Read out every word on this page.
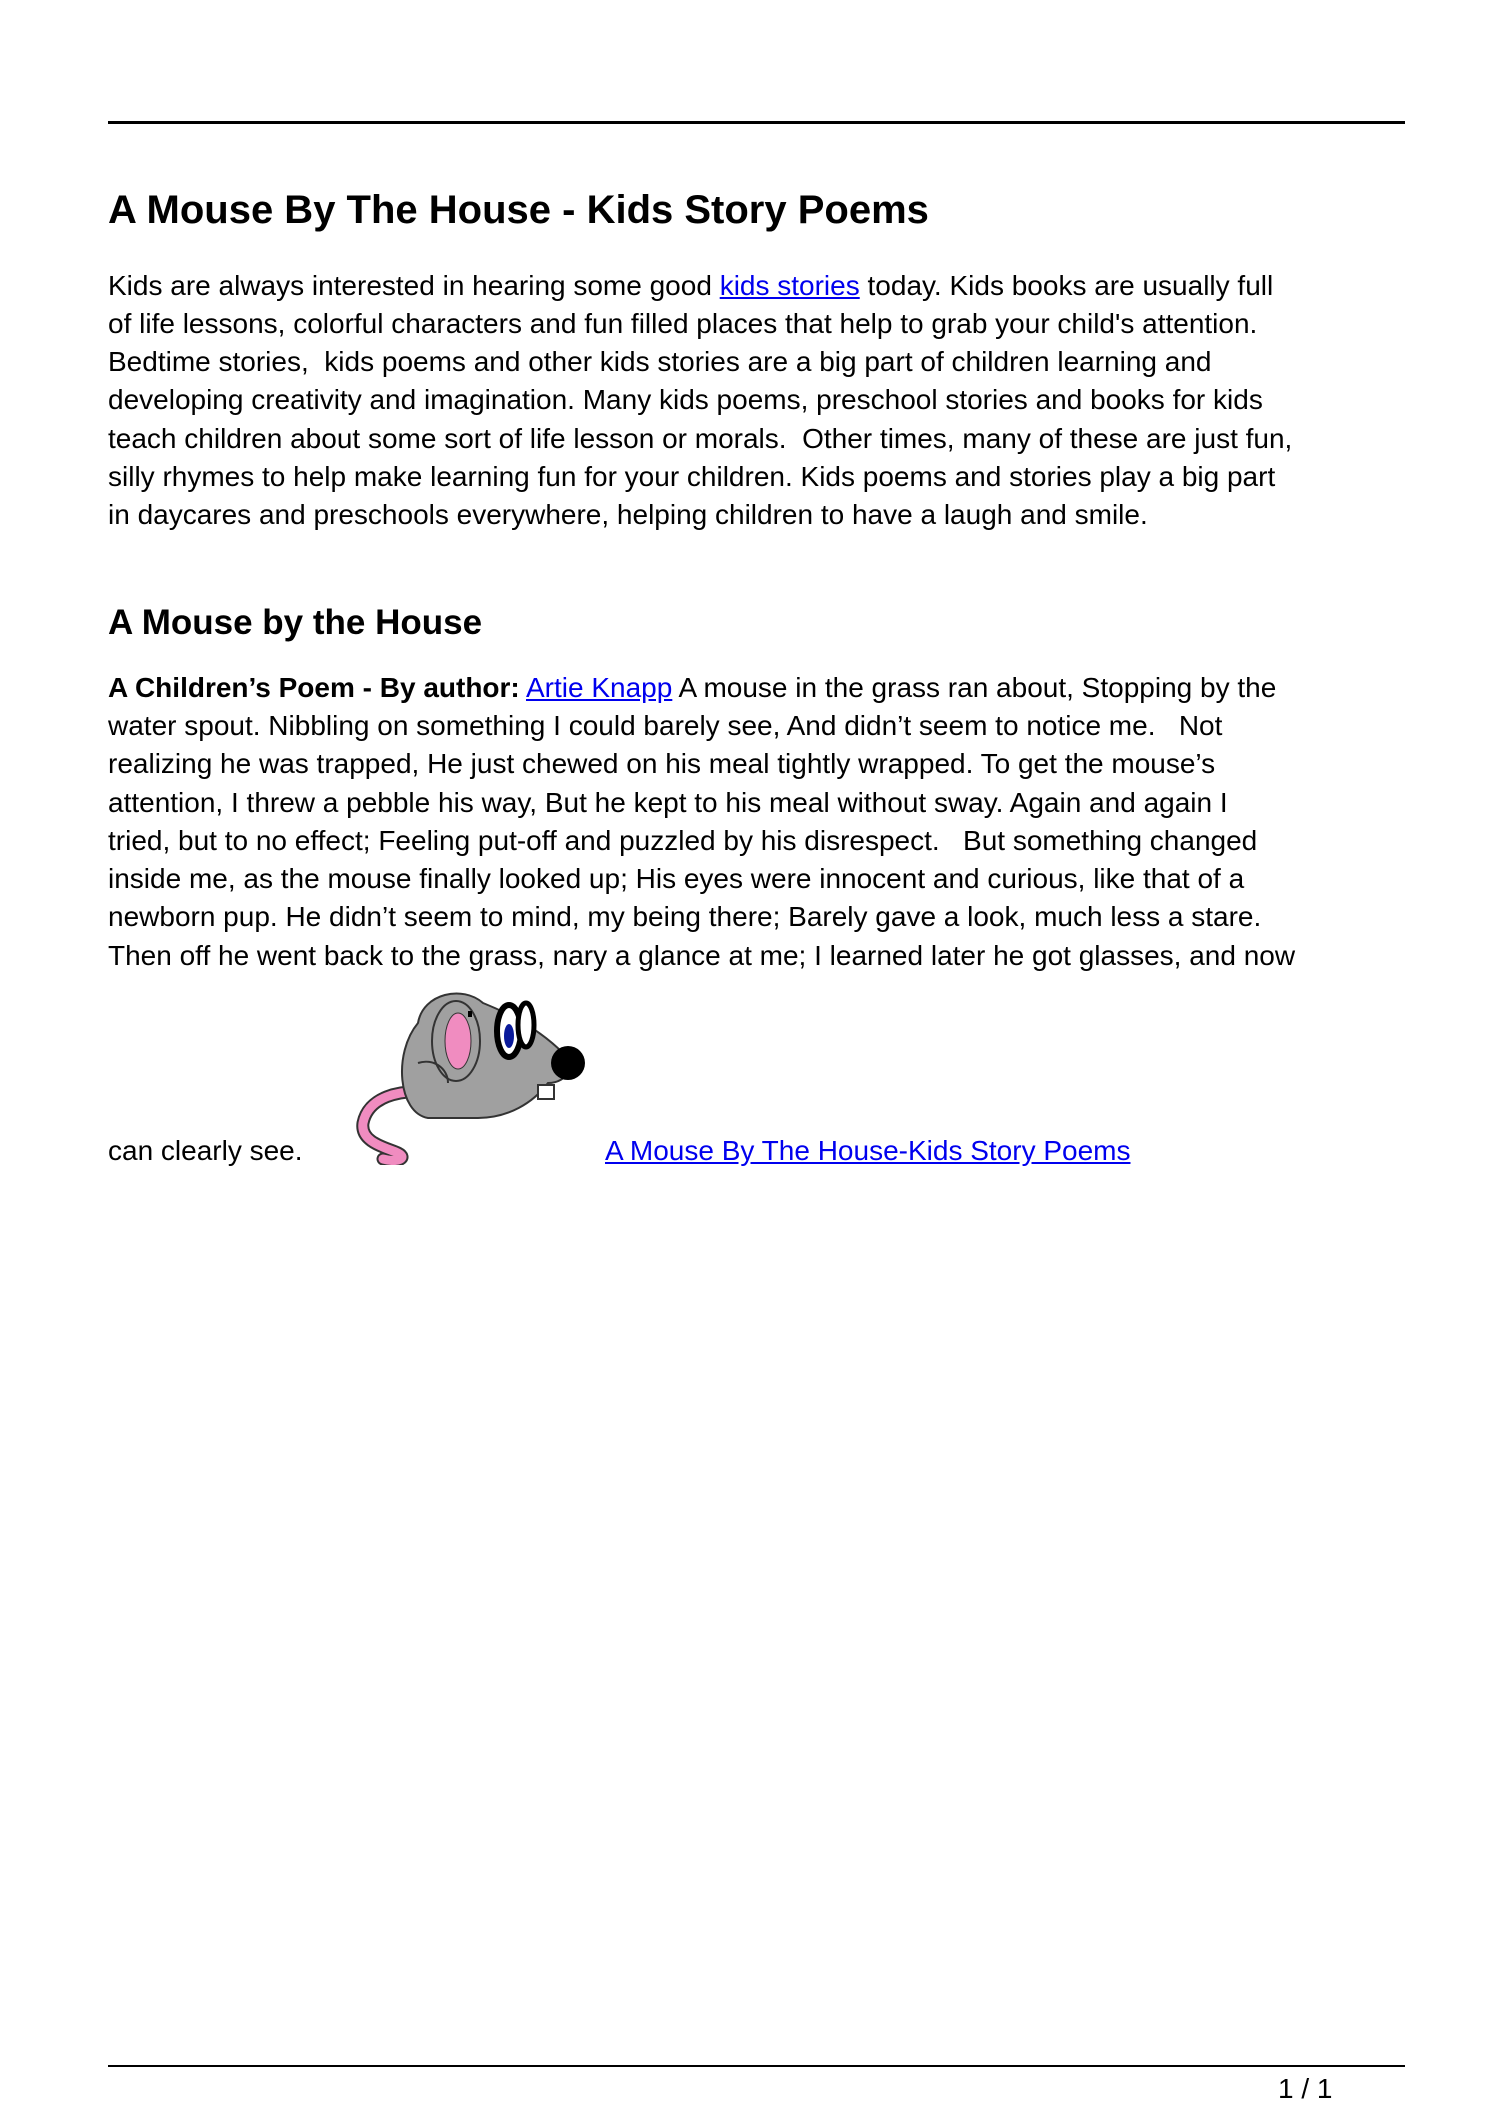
A Mouse By The House - Kids Story Poems
Kids are always interested in hearing some good kids stories today. Kids books are usually full
of life lessons, colorful characters and fun filled places that help to grab your child's attention.
Bedtime stories,  kids poems and other kids stories are a big part of children learning and
developing creativity and imagination. Many kids poems, preschool stories and books for kids
teach children about some sort of life lesson or morals.  Other times, many of these are just fun,
silly rhymes to help make learning fun for your children. Kids poems and stories play a big part
in daycares and preschools everywhere, helping children to have a laugh and smile.
A Mouse by the House
A Children’s Poem - By author: Artie Knapp A mouse in the grass ran about, Stopping by the
water spout. Nibbling on something I could barely see, And didn’t seem to notice me.   Not
realizing he was trapped, He just chewed on his meal tightly wrapped. To get the mouse’s
attention, I threw a pebble his way, But he kept to his meal without sway. Again and again I
tried, but to no effect; Feeling put-off and puzzled by his disrespect.   But something changed
inside me, as the mouse finally looked up; His eyes were innocent and curious, like that of a
newborn pup. He didn’t seem to mind, my being there; Barely gave a look, much less a stare.
Then off he went back to the grass, nary a glance at me; I learned later he got glasses, and now
can clearly see.	A Mouse By The House-Kids Story Poems
1 / 1
